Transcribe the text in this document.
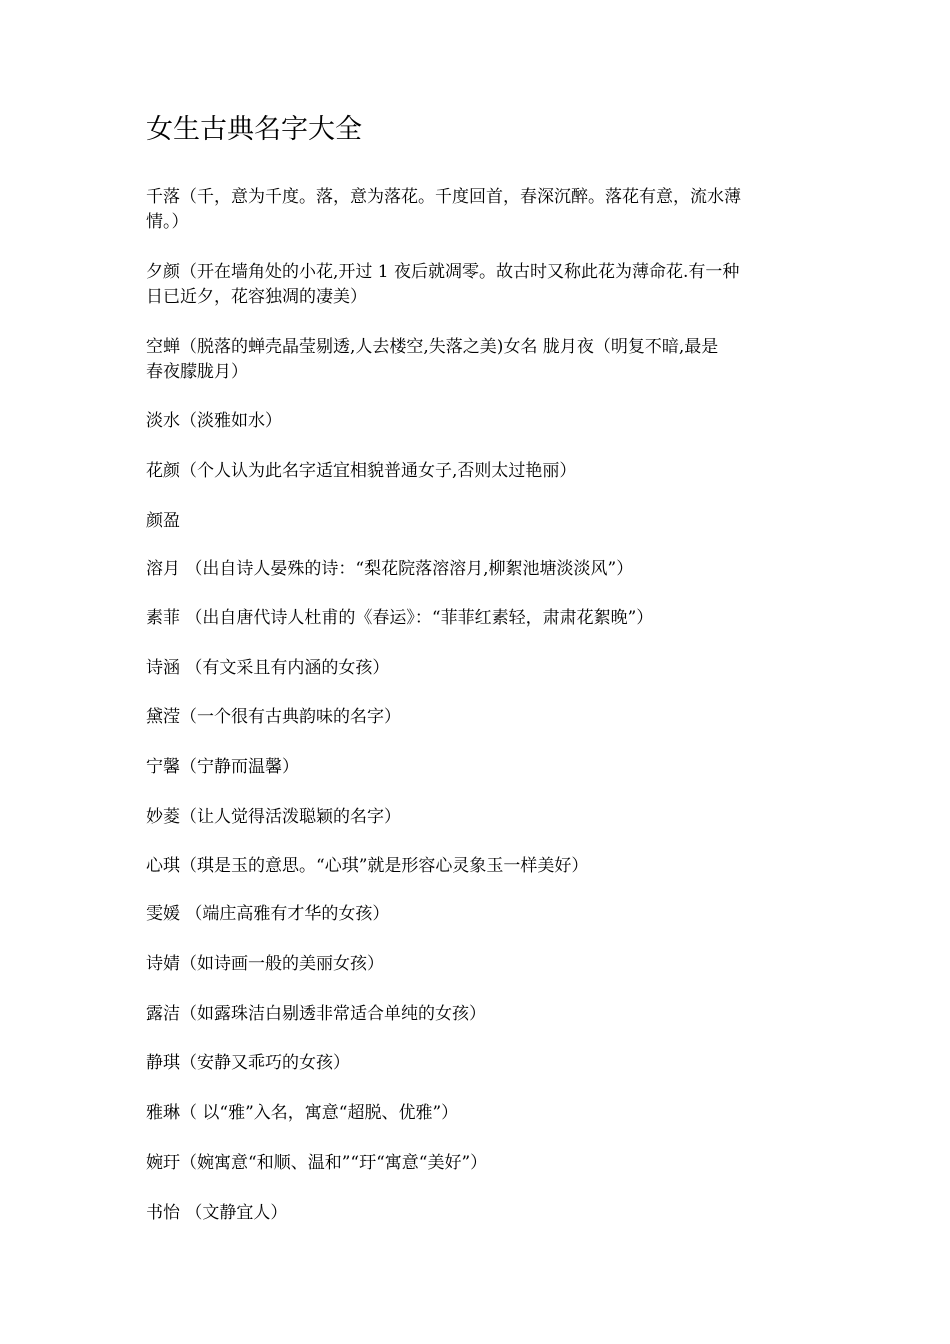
女生古典名字大全

千落（千，意为千度。落，意为落花。千度回首，春深沉醉。落花有意，流水薄
情。）

夕颜（开在墙角处的小花,开过 1 夜后就凋零。故古时又称此花为薄命花.有一种
日已近夕，花容独凋的凄美）

空蝉（脱落的蝉壳晶莹剔透,人去楼空,失落之美)女名 胧月夜（明复不暗,最是
春夜朦胧月）

淡水（淡雅如水）

花颜（个人认为此名字适宜相貌普通女子,否则太过艳丽）

颜盈

溶月 （出自诗人晏殊的诗：“梨花院落溶溶月,柳絮池塘淡淡风”）

素菲 （出自唐代诗人杜甫的《春运》：“菲菲红素轻，肃肃花絮晚”）

诗涵 （有文采且有内涵的女孩）

黛滢（一个很有古典韵味的名字）

宁馨（宁静而温馨）

妙菱（让人觉得活泼聪颖的名字）

心琪（琪是玉的意思。“心琪”就是形容心灵象玉一样美好）

雯媛 （端庄高雅有才华的女孩）

诗婧（如诗画一般的美丽女孩）

露洁（如露珠洁白剔透非常适合单纯的女孩）

静琪（安静又乖巧的女孩）

雅琳（ 以“雅”入名，寓意“超脱、优雅”）

婉玗（婉寓意“和顺、温和”“玗“寓意“美好”）

书怡 （文静宜人）
